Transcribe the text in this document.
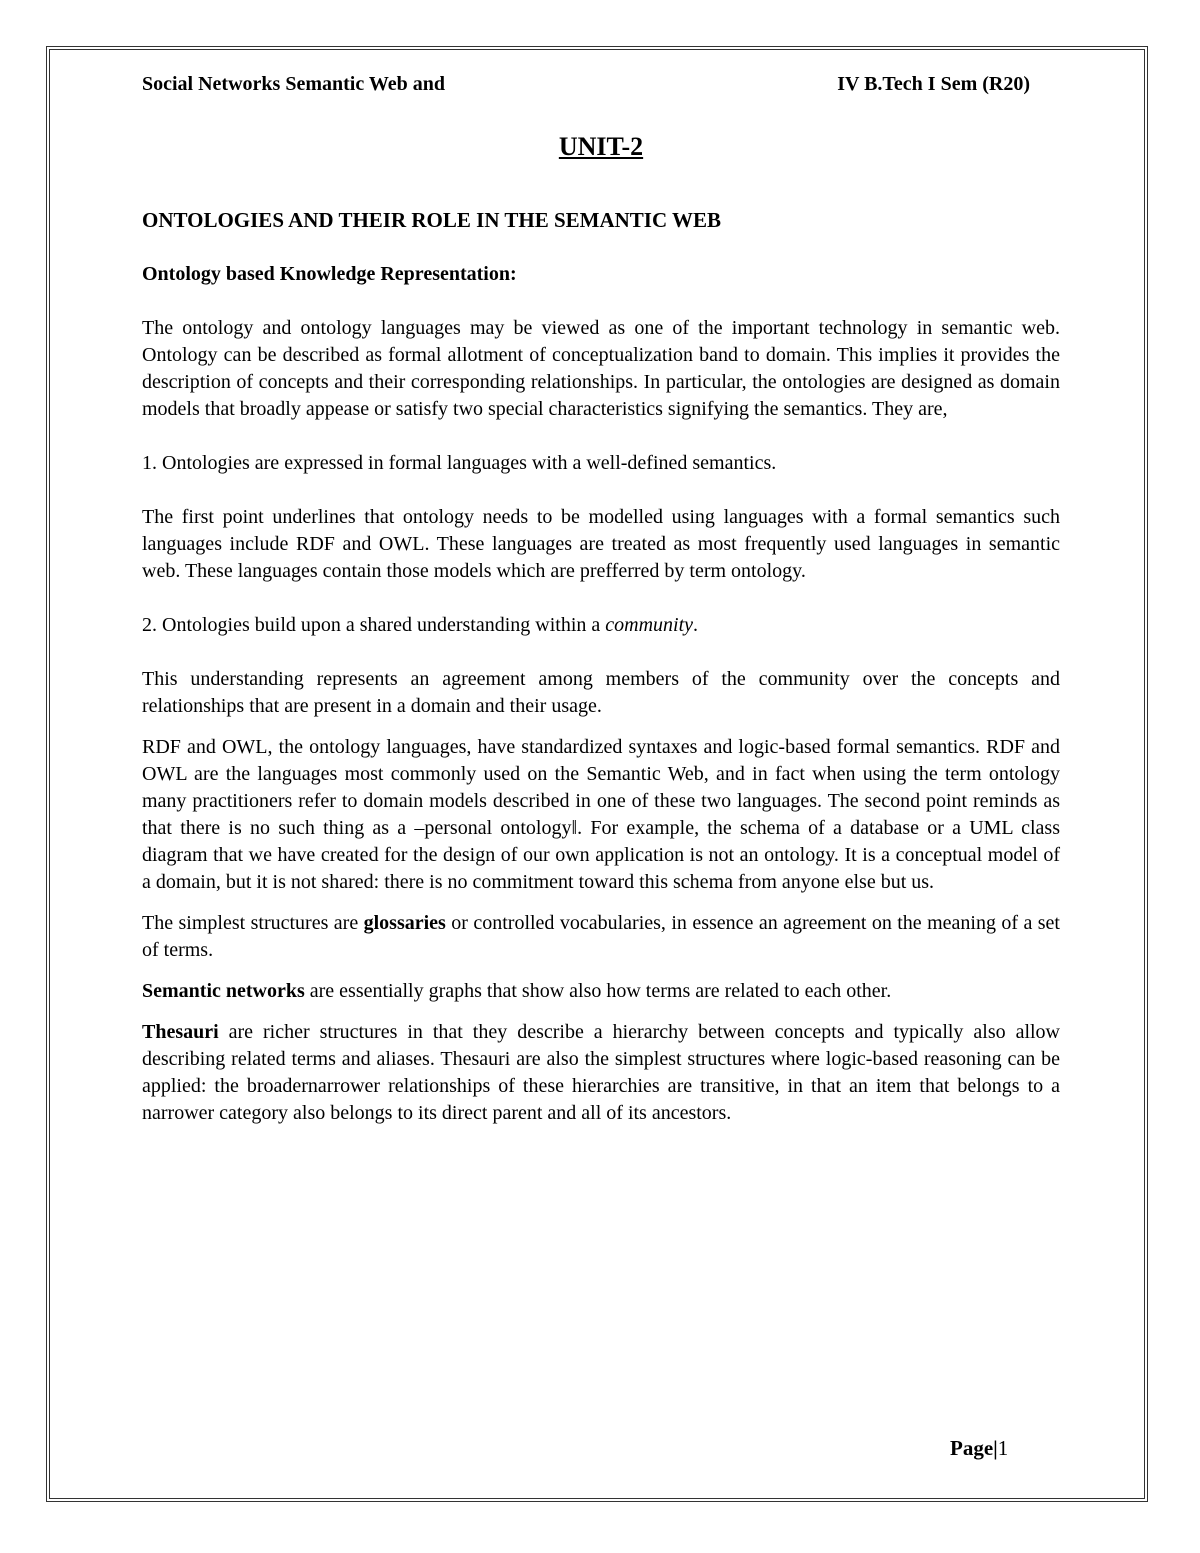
Social Networks Semantic Web and	IV B.Tech I Sem (R20)
UNIT-2
ONTOLOGIES AND THEIR ROLE IN THE SEMANTIC WEB
Ontology based Knowledge Representation:

The ontology and ontology languages may be viewed as one of the important technology in semantic web. Ontology can be described as formal allotment of conceptualization band to domain. This implies it provides the description of concepts and their corresponding relationships. In particular, the ontologies are designed as domain models that broadly appease or satisfy two special characteristics signifying the semantics. They are,

1. Ontologies are expressed in formal languages with a well-defined semantics.

The first point underlines that ontology needs to be modelled using languages with a formal semantics such languages include RDF and OWL. These languages are treated as most frequently used languages in semantic web. These languages contain those models which are prefferred by term ontology.

2. Ontologies build upon a shared understanding within a community.

This understanding represents an agreement among members of the community over the concepts and relationships that are present in a domain and their usage.

RDF and OWL, the ontology languages, have standardized syntaxes and logic-based formal semantics. RDF and OWL are the languages most commonly used on the Semantic Web, and in fact when using the term ontology many practitioners refer to domain models described in one of these two languages. The second point reminds as that there is no such thing as a –personal ontology‖. For example, the schema of a database or a UML class diagram that we have created for the design of our own application is not an ontology. It is a conceptual model of a domain, but it is not shared: there is no commitment toward this schema from anyone else but us.

The simplest structures are glossaries or controlled vocabularies, in essence an agreement on the meaning of a set of terms.

Semantic networks are essentially graphs that show also how terms are related to each other.

Thesauri are richer structures in that they describe a hierarchy between concepts and typically also allow describing related terms and aliases. Thesauri are also the simplest structures where logic-based reasoning can be applied: the broadernarrower relationships of these hierarchies are transitive, in that an item that belongs to a narrower category also belongs to its direct parent and all of its ancestors.

Page|1
